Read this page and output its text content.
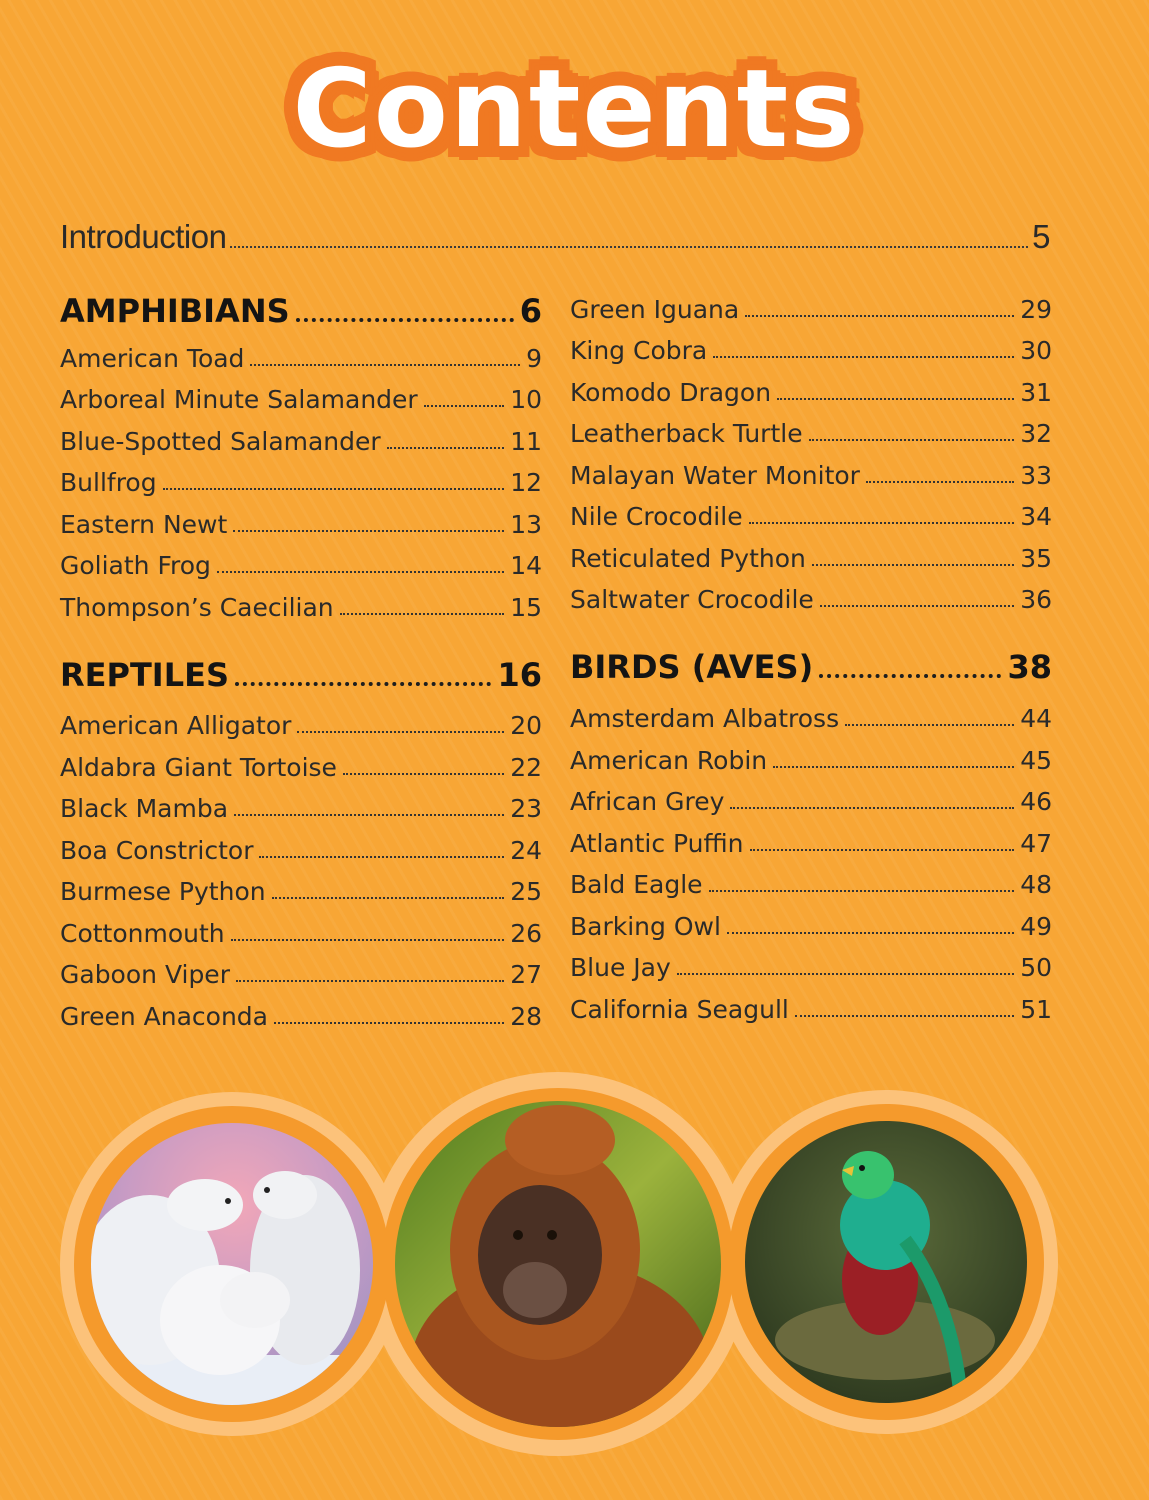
Contents
Introduction	5
AMPHIBIANS	6
American Toad	9
Arboreal Minute Salamander	10
Blue-Spotted Salamander	11
Bullfrog	12
Eastern Newt	13
Goliath Frog	14
Thompson’s Caecilian	15
REPTILES	16
American Alligator	20
Aldabra Giant Tortoise	22
Black Mamba	23
Boa Constrictor	24
Burmese Python	25
Cottonmouth	26
Gaboon Viper	27
Green Anaconda	28
Green Iguana	29
King Cobra	30
Komodo Dragon	31
Leatherback Turtle	32
Malayan Water Monitor	33
Nile Crocodile	34
Reticulated Python	35
Saltwater Crocodile	36
BIRDS (AVES)	38
Amsterdam Albatross	44
American Robin	45
African Grey	46
Atlantic Puffin	47
Bald Eagle	48
Barking Owl	49
Blue Jay	50
California Seagull	51
